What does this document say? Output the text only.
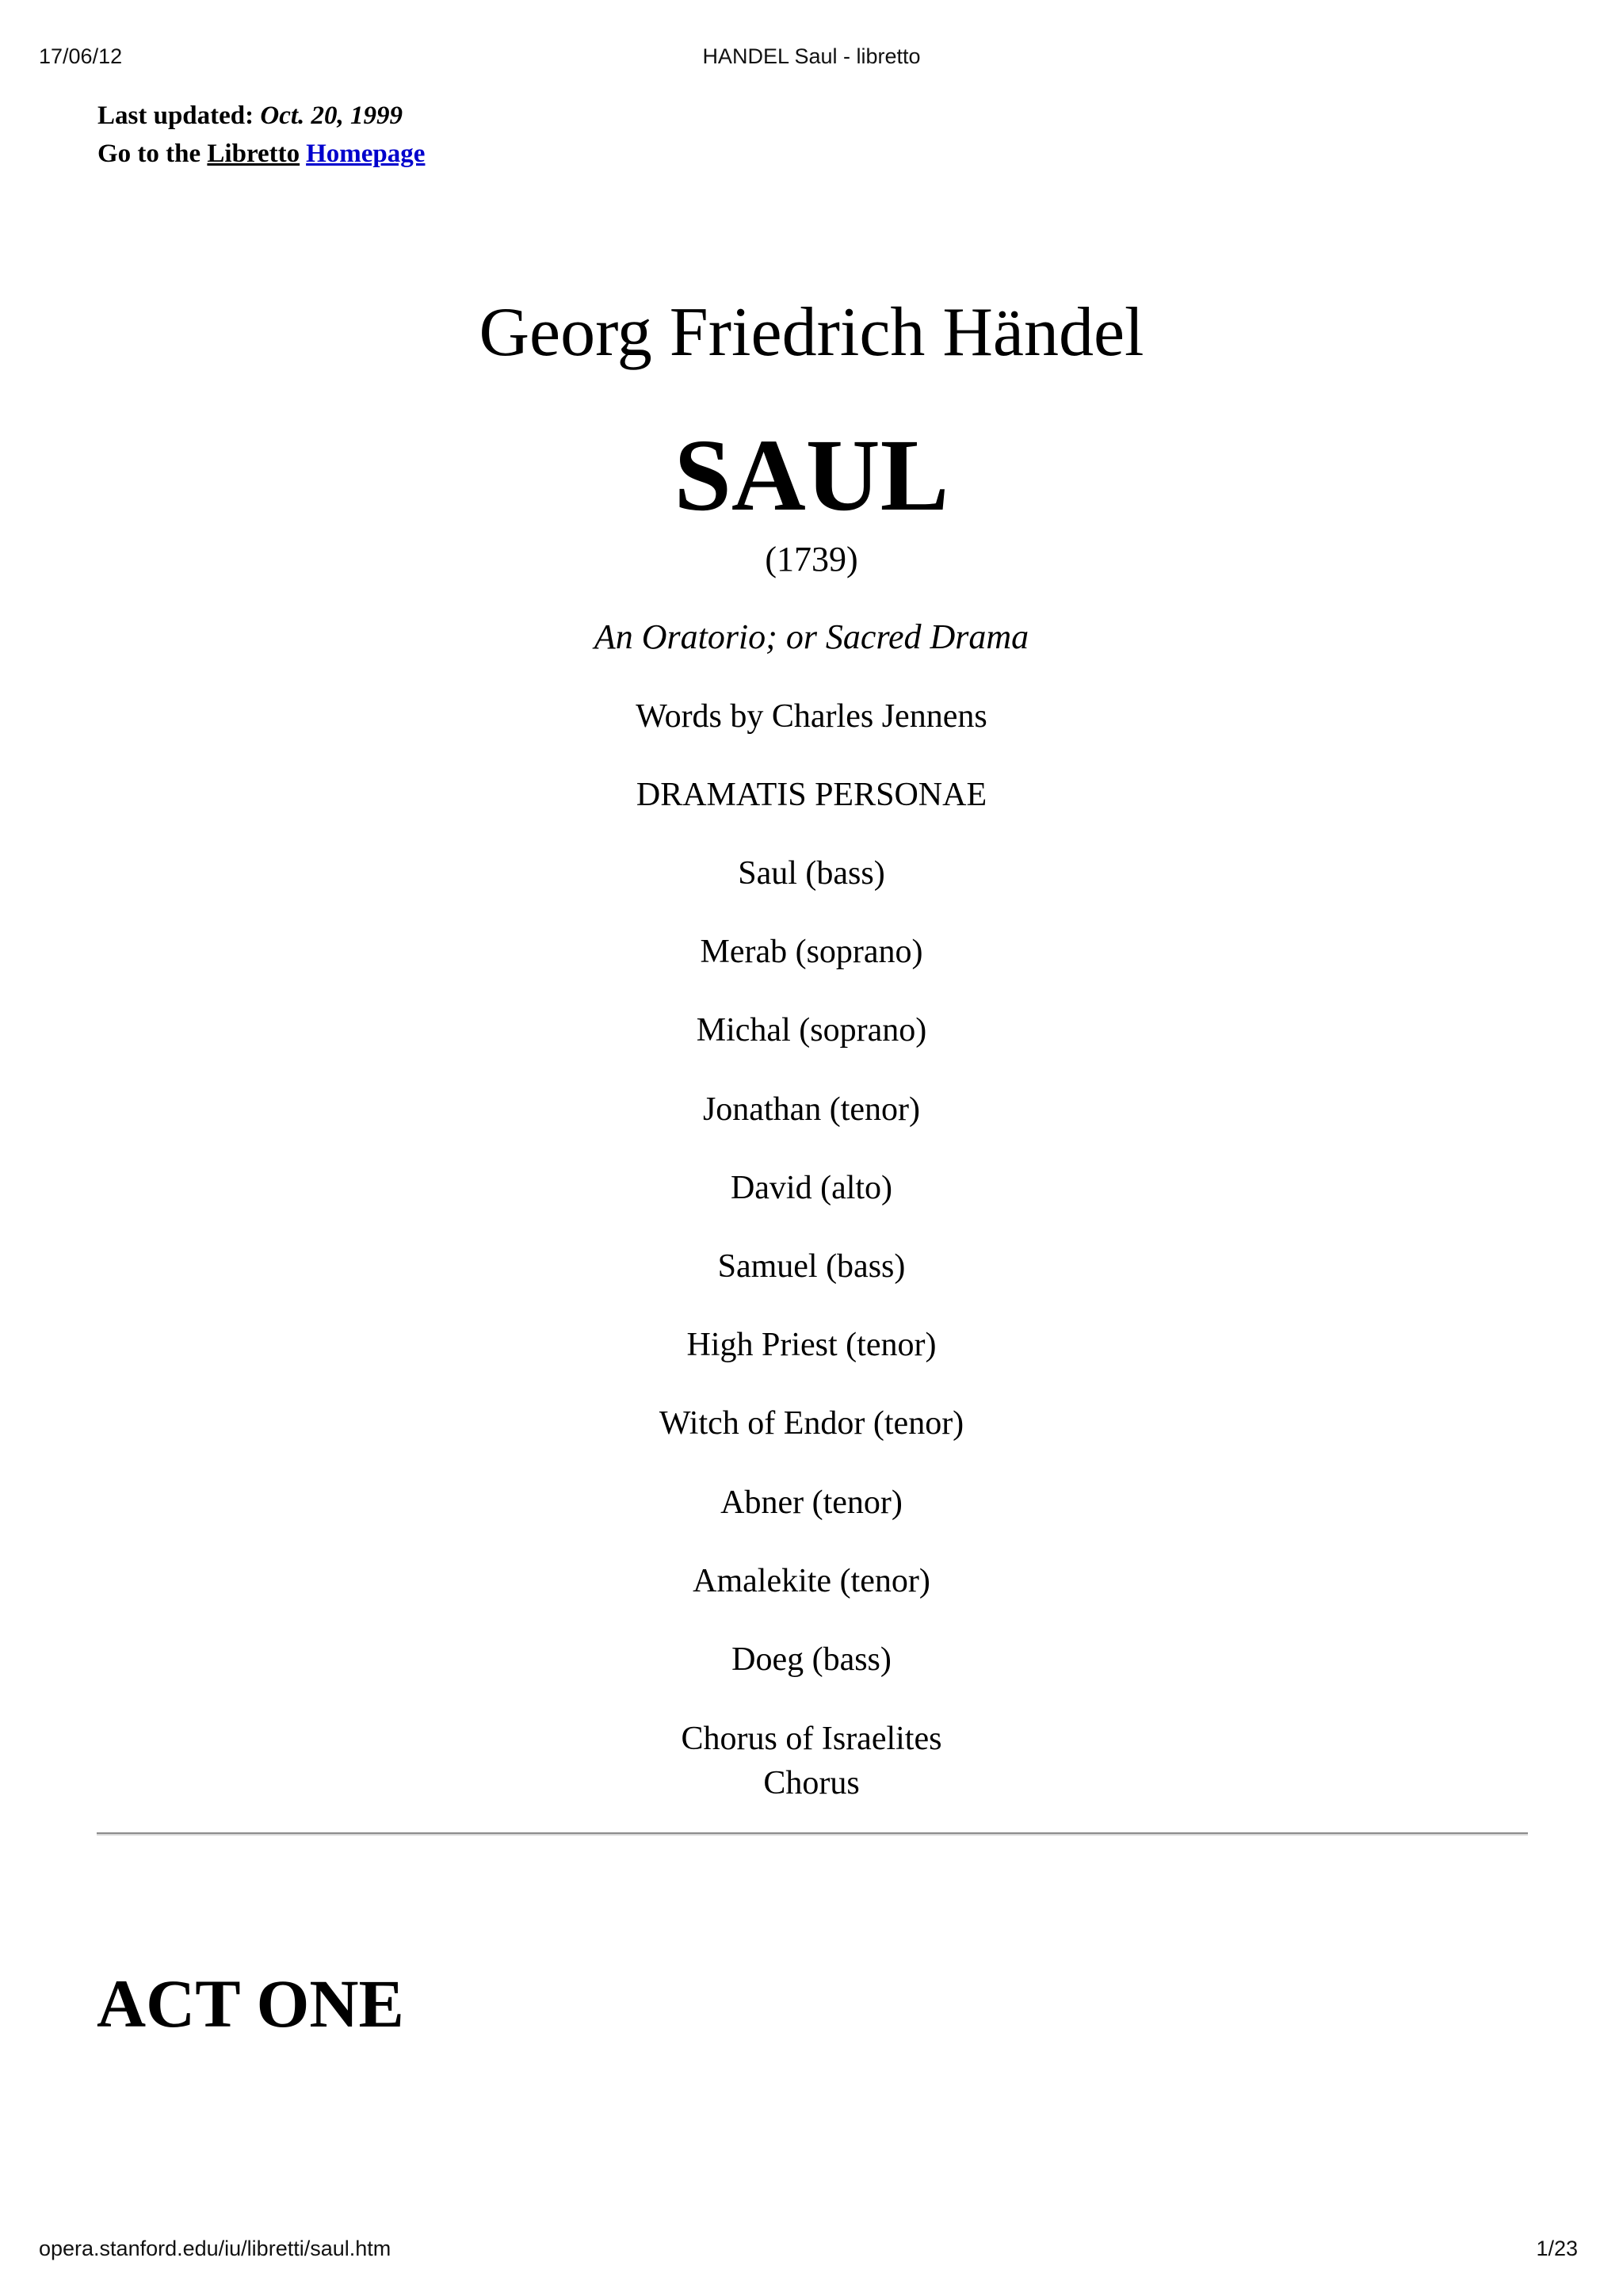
17/06/12	HANDEL Saul - libretto
Last updated: Oct. 20, 1999
Go to the Libretto Homepage
Georg Friedrich Händel
SAUL
(1739)
An Oratorio; or Sacred Drama
Words by Charles Jennens
DRAMATIS PERSONAE
Saul (bass)
Merab (soprano)
Michal (soprano)
Jonathan (tenor)
David (alto)
Samuel (bass)
High Priest (tenor)
Witch of Endor (tenor)
Abner (tenor)
Amalekite (tenor)
Doeg (bass)
Chorus of Israelites
Chorus
ACT ONE
opera.stanford.edu/iu/libretti/saul.htm	1/23
